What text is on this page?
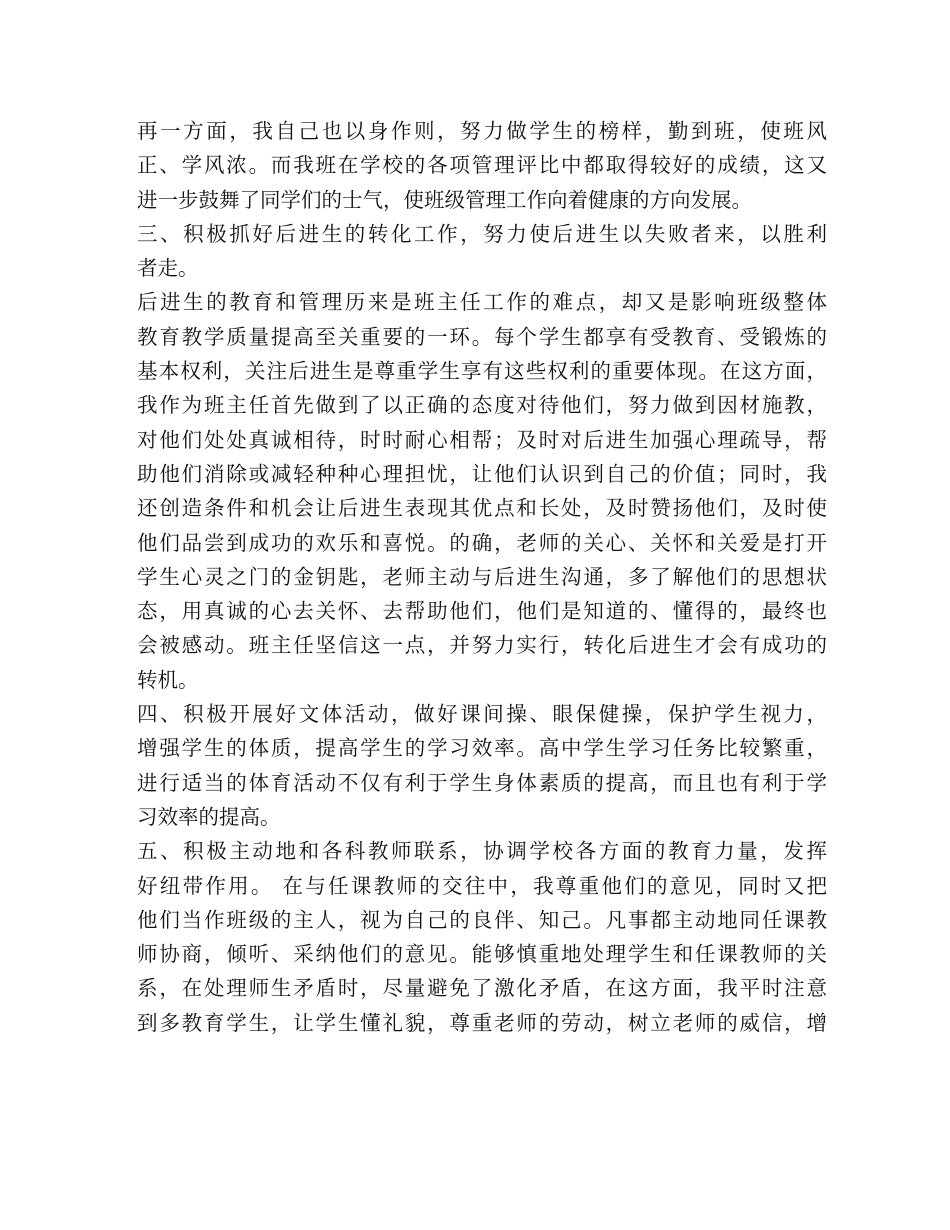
再一方面，我自己也以身作则，努力做学生的榜样，勤到班，使班风
正、学风浓。而我班在学校的各项管理评比中都取得较好的成绩，这又
进一步鼓舞了同学们的士气，使班级管理工作向着健康的方向发展。
三、积极抓好后进生的转化工作，努力使后进生以失败者来，以胜利
者走。
后进生的教育和管理历来是班主任工作的难点，却又是影响班级整体
教育教学质量提高至关重要的一环。每个学生都享有受教育、受锻炼的
基本权利，关注后进生是尊重学生享有这些权利的重要体现。在这方面，
我作为班主任首先做到了以正确的态度对待他们，努力做到因材施教，
对他们处处真诚相待，时时耐心相帮；及时对后进生加强心理疏导，帮
助他们消除或减轻种种心理担忧，让他们认识到自己的价值；同时，我
还创造条件和机会让后进生表现其优点和长处，及时赞扬他们，及时使
他们品尝到成功的欢乐和喜悦。的确，老师的关心、关怀和关爱是打开
学生心灵之门的金钥匙，老师主动与后进生沟通，多了解他们的思想状
态，用真诚的心去关怀、去帮助他们，他们是知道的、懂得的，最终也
会被感动。班主任坚信这一点，并努力实行，转化后进生才会有成功的
转机。
四、积极开展好文体活动，做好课间操、眼保健操，保护学生视力，
增强学生的体质，提高学生的学习效率。高中学生学习任务比较繁重，
进行适当的体育活动不仅有利于学生身体素质的提高，而且也有利于学
习效率的提高。
五、积极主动地和各科教师联系，协调学校各方面的教育力量，发挥
好纽带作用。 在与任课教师的交往中，我尊重他们的意见，同时又把
他们当作班级的主人，视为自己的良伴、知己。凡事都主动地同任课教
师协商，倾听、采纳他们的意见。能够慎重地处理学生和任课教师的关
系，在处理师生矛盾时，尽量避免了激化矛盾，在这方面，我平时注意
到多教育学生，让学生懂礼貌，尊重老师的劳动，树立老师的威信，增
